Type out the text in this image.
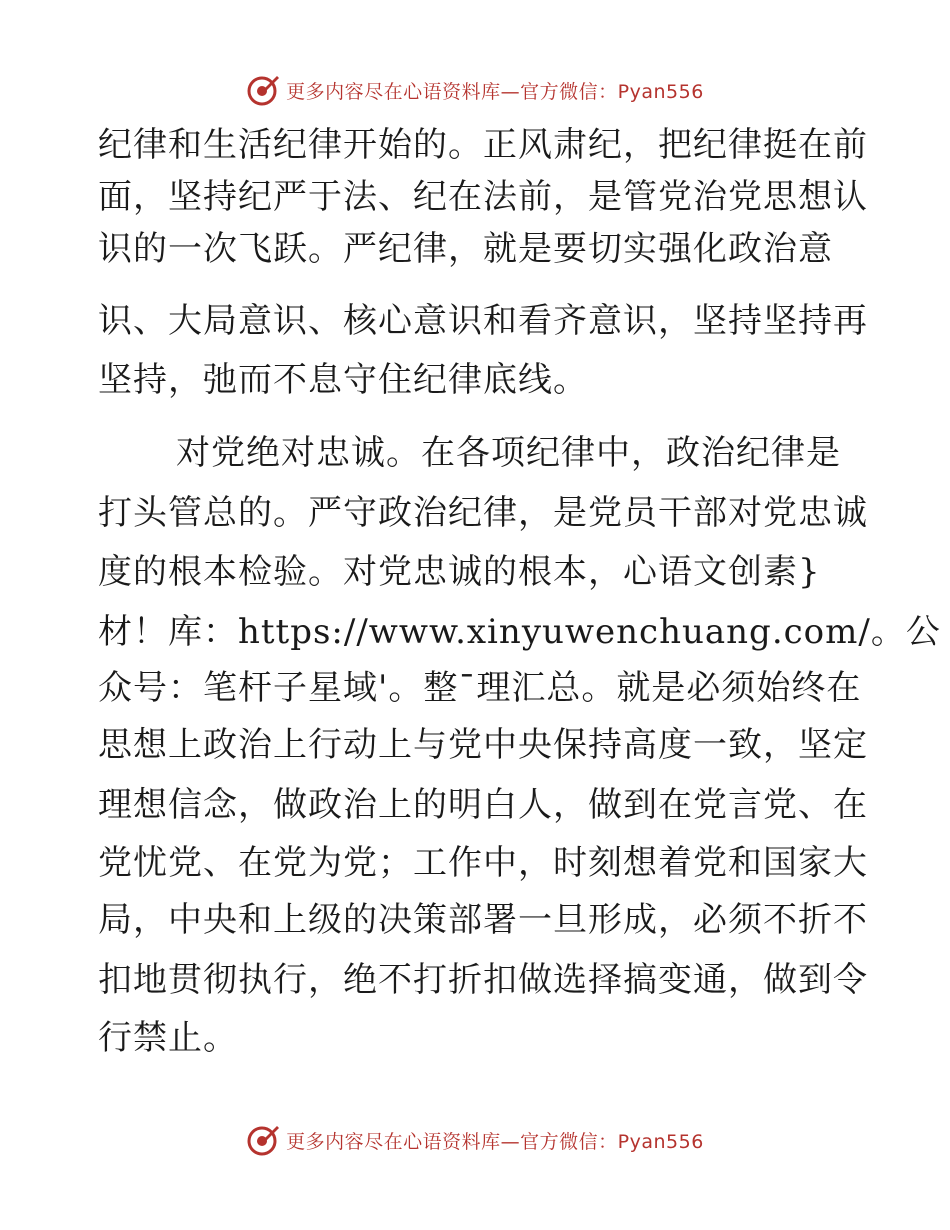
更多内容尽在心语资料库—官方微信：Pyan556
纪律和生活纪律开始的。正风肃纪，把纪律挺在前
面，坚持纪严于法、纪在法前，是管党治党思想认
识的一次飞跃。严纪律，就是要切实强化政治意
识、大局意识、核心意识和看齐意识，坚持坚持再
坚持，弛而不息守住纪律底线。
对党绝对忠诚。在各项纪律中，政治纪律是
打头管总的。严守政治纪律，是党员干部对党忠诚
度的根本检验。对党忠诚的根本，心语文创素}
材！库：https://www.xinyuwenchuang.com/。公
众号：笔杆子星域'。整¯理汇总。就是必须始终在
思想上政治上行动上与党中央保持高度一致，坚定
理想信念，做政治上的明白人，做到在党言党、在
党忧党、在党为党；工作中，时刻想着党和国家大
局，中央和上级的决策部署一旦形成，必须不折不
扣地贯彻执行，绝不打折扣做选择搞变通，做到令
行禁止。
更多内容尽在心语资料库—官方微信：Pyan556
